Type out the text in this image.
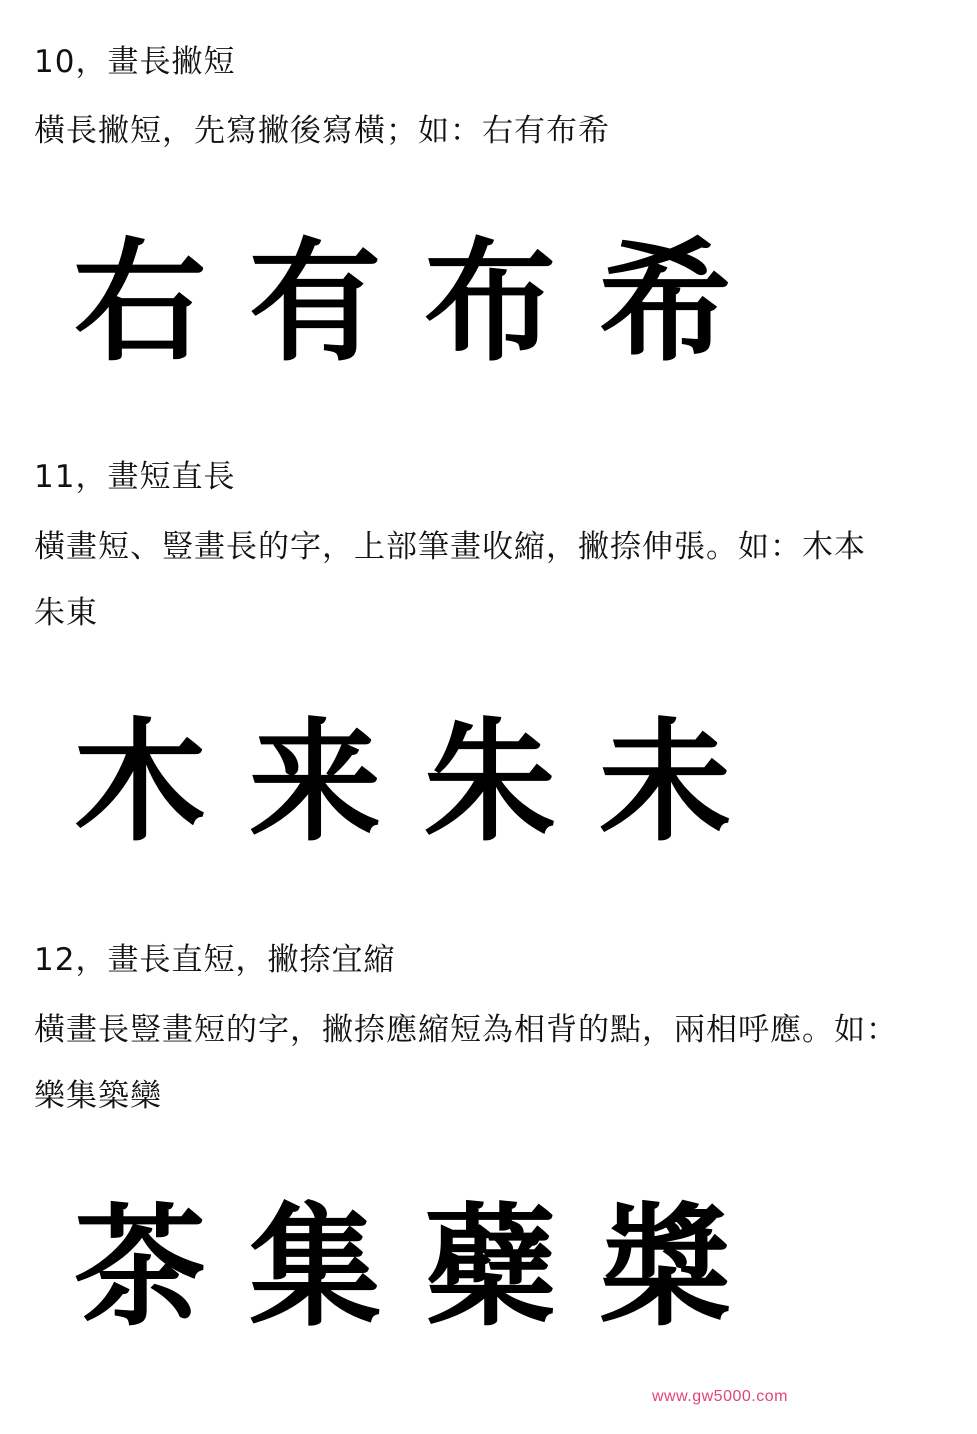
10，畫長撇短

橫長撇短，先寫撇後寫橫；如：右有布希

右 有 布 希
11，畫短直長

橫畫短、豎畫長的字，上部筆畫收縮，撇捺伸張。如：木本

朱東

木 来 朱 未
12，畫長直短，撇捺宜縮

橫畫長豎畫短的字，撇捺應縮短為相背的點，兩相呼應。如：

樂集築欒

茶 集 蘗 槳
www.gw5000.com
